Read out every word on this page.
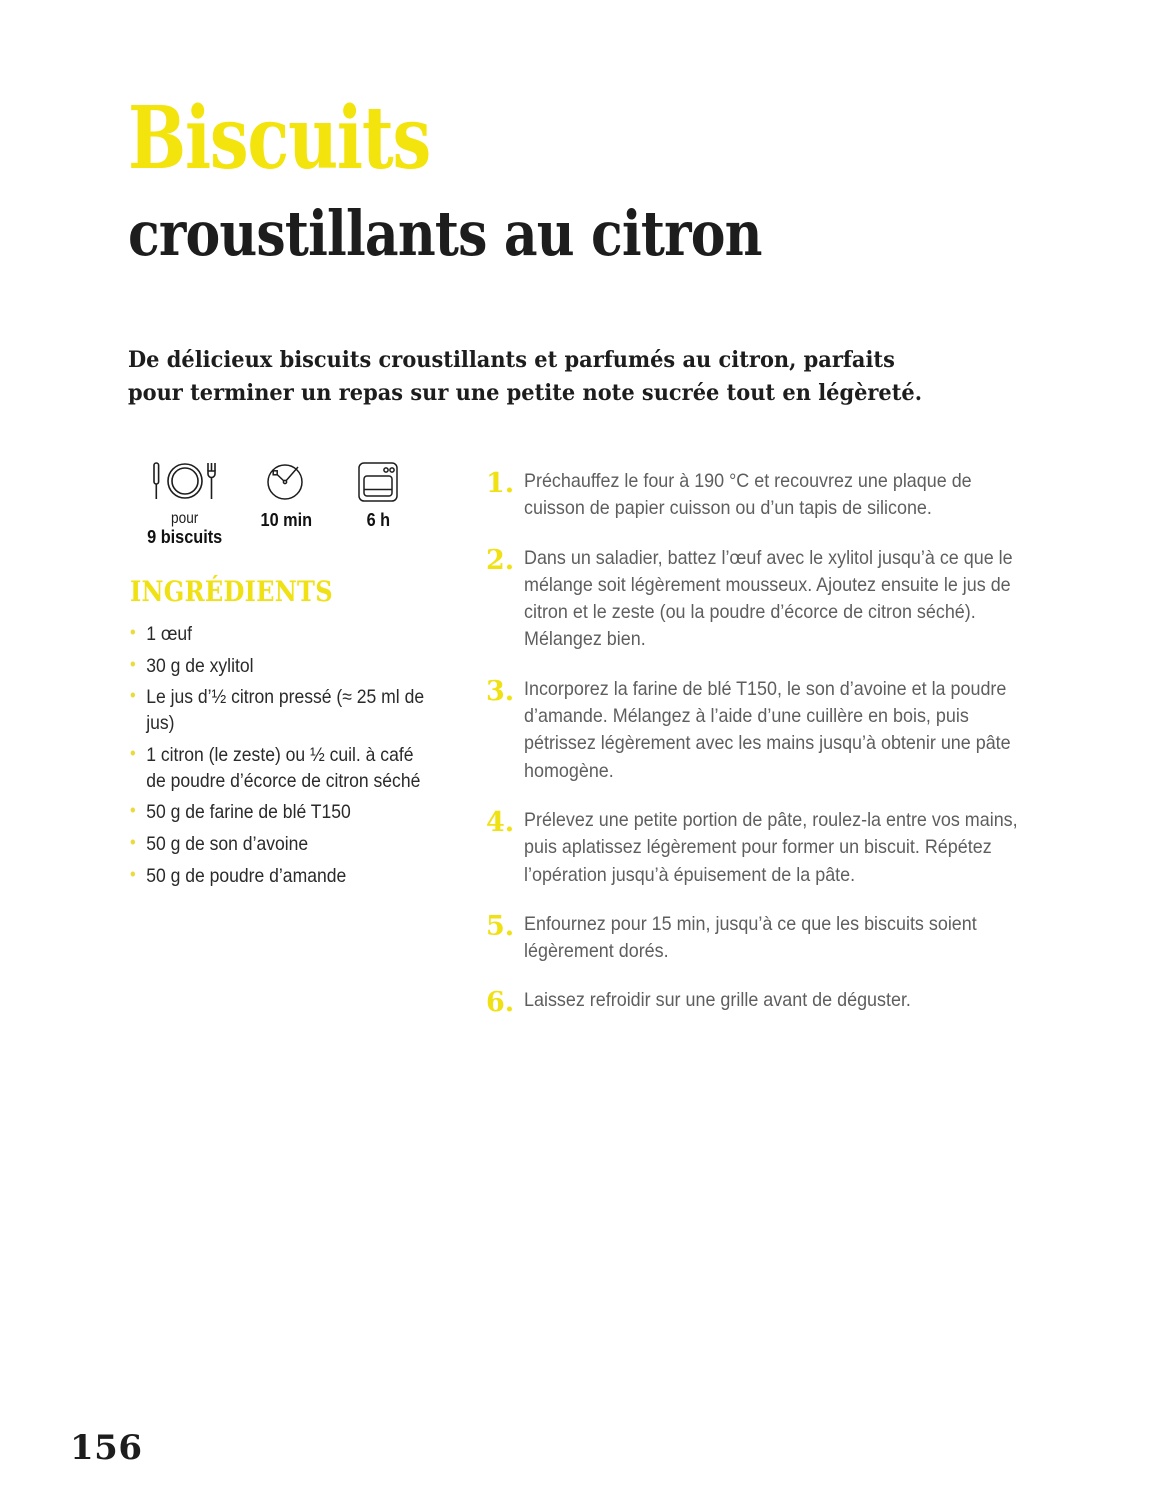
Biscuits
croustillants au citron
De délicieux biscuits croustillants et parfumés au citron, parfaits pour terminer un repas sur une petite note sucrée tout en légèreté.
pour
9 biscuits
10 min	6 h
INGRÉDIENTS
• 1 œuf
• 30 g de xylitol
• Le jus d’½ citron pressé (≈ 25 ml de jus)
• 1 citron (le zeste) ou ½ cuil. à café de poudre d’écorce de citron séché
• 50 g de farine de blé T150
• 50 g de son d’avoine
• 50 g de poudre d’amande
1. Préchauffez le four à 190 °C et recouvrez une plaque de cuisson de papier cuisson ou d’un tapis de silicone.
2. Dans un saladier, battez l’œuf avec le xylitol jusqu’à ce que le mélange soit légèrement mousseux. Ajoutez ensuite le jus de citron et le zeste (ou la poudre d’écorce de citron séché). Mélangez bien.
3. Incorporez la farine de blé T150, le son d’avoine et la poudre d’amande. Mélangez à l’aide d’une cuillère en bois, puis pétrissez légèrement avec les mains jusqu’à obtenir une pâte homogène.
4. Prélevez une petite portion de pâte, roulez-la entre vos mains, puis aplatissez légèrement pour former un biscuit. Répétez l’opération jusqu’à épuisement de la pâte.
5. Enfournez pour 15 min, jusqu’à ce que les biscuits soient légèrement dorés.
6. Laissez refroidir sur une grille avant de déguster.
156
